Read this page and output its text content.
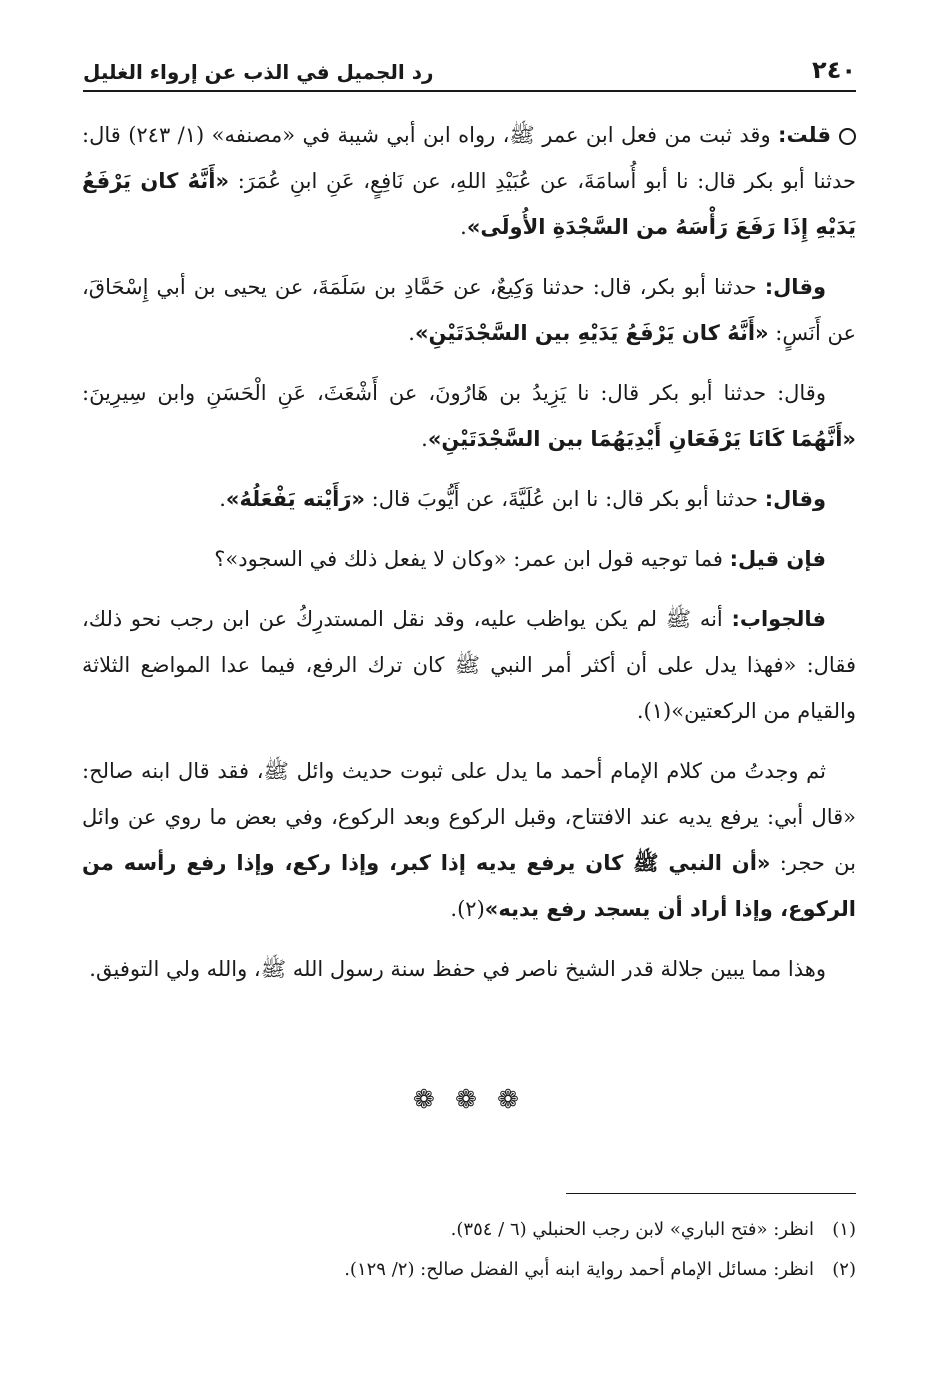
٢٤٠
رد الجميل في الذب عن إرواء الغليل

قلت: وقد ثبت من فعل ابن عمر ﷺ، رواه ابن أبي شيبة في «مصنفه» (١/ ٢٤٣) قال: حدثنا أبو بكر قال: نا أبو أُسامَةَ، عن عُبَيْدِ اللهِ، عن نَافِعٍ، عَنِ ابنِ عُمَرَ: «أَنَّهُ كان يَرْفَعُ يَدَيْهِ إِذَا رَفَعَ رَأْسَهُ من السَّجْدَةِ الأُولَى».

وقال: حدثنا أبو بكر، قال: حدثنا وَكِيعٌ، عن حَمَّادِ بن سَلَمَةَ، عن يحيى بن أبي إِسْحَاقَ، عن أَنَسٍ: «أَنَّهُ كان يَرْفَعُ يَدَيْهِ بين السَّجْدَتَيْنِ».

وقال: حدثنا أبو بكر قال: نا يَزِيدُ بن هَارُونَ، عن أَشْعَثَ، عَنِ الْحَسَنِ وابن سِيرِينَ: «أَنَّهُمَا كَانَا يَرْفَعَانِ أَيْدِيَهُمَا بين السَّجْدَتَيْنِ».

وقال: حدثنا أبو بكر قال: نا ابن عُلَيَّةَ، عن أَيُّوبَ قال: «رَأَيْته يَفْعَلُهُ».

فإن قيل: فما توجيه قول ابن عمر: «وكان لا يفعل ذلك في السجود»؟

فالجواب: أنه ﷺ لم يكن يواظب عليه، وقد نقل المستدرِكُ عن ابن رجب نحو ذلك، فقال: «فهذا يدل على أن أكثر أمر النبي ﷺ كان ترك الرفع، فيما عدا المواضع الثلاثة والقيام من الركعتين»(١).

ثم وجدتُ من كلام الإمام أحمد ما يدل على ثبوت حديث وائل ﷺ، فقد قال ابنه صالح: «قال أبي: يرفع يديه عند الافتتاح، وقبل الركوع وبعد الركوع، وفي بعض ما روي عن وائل بن حجر: «أن النبي ﷺ كان يرفع يديه إذا كبر، وإذا ركع، وإذا رفع رأسه من الركوع، وإذا أراد أن يسجد رفع يديه»(٢).

وهذا مما يبين جلالة قدر الشيخ ناصر في حفظ سنة رسول الله ﷺ، والله ولي التوفيق.

❁ ❁ ❁
(١)
انظر: «فتح الباري» لابن رجب الحنبلي (٦ / ٣٥٤).
(٢)
انظر: مسائل الإمام أحمد رواية ابنه أبي الفضل صالح: (٢/ ١٢٩).
